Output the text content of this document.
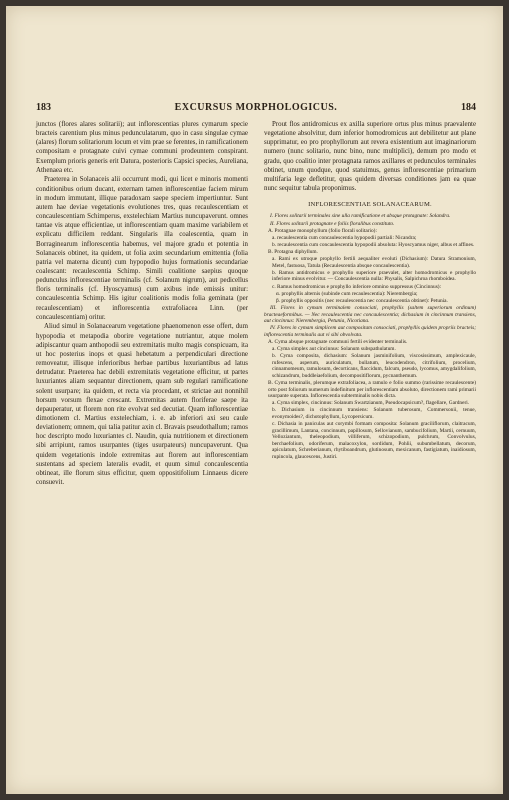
183	EXCURSUS MORPHOLOGICUS.	184

junctos (flores alares solitarii); aut inflorescentias plures cymarum specie bracteis carentium plus minus pedunculatarum, quo in casu singulae cymae (alares) florum solitariorum locum et vim prae se ferentes, in ramificationem compositam e protagnate cuivi cymae communi prodeuntem conspirant. Exemplum prioris generis erit Datura, posterioris Capsici species, Aureliana, Athenaea etc.

Praeterea in Solanaceis alii occurrunt modi, qui licet e minoris momenti conditionibus orium ducant, externam tamen inflorescentiae faciem mirum in modum immutant, illique paradoxam saepe speciem impertiuntur. Sunt autem hae deviae vegetationis evolutiones tres, quas recaulescentiam et concaulescentiam Schimperus, exstelechiam Martius nuncupaverunt. omnes tantae vis atque efficientiae, ut inflorescentiam quam maxime variabilem et explicatu difficilem reddant. Singularis illa coalescentia, quam in Borraginearum inflorescentia habemus, vel majore gradu et potentia in Solanaceis obtinet, ita quidem, ut folia axim secundarium emittentia (folia patria vel materna dicunt) cum hypopodio hujus formationis secundariae coalescant: recaulescentia Schimp. Simili coalitione saepius quoque pedunculus inflorescentiae terminalis (cf. Solanum nigrum), aut pedicellus floris terminalis (cf. Hyoscyamus) cum axibus inde emissis unitur: concaulescentia Schimp. His igitur coalitionis modis folia geminata (per recaulescentiam) et inflorescentia extrafoliacea Linn. (per concaulescentiam) oritur.

Aliud simul in Solanacearum vegetatione phaenomenon esse offert, dum hypopodia et metapodia oborire vegetatione nutriantur, atque molem adipiscantur quam anthopodii seu extremitatis multo magis conspicuam, ita ut hoc posterius inops et quasi hebetatum a perpendiculari directione removeatur, illisque inferioribus herbae partibus luxuriantibus ad latus detrudatur. Praeterea hac debili extremitatis vegetatione efficitur, ut partes luxuriantes aliam sequantur directionem, quam sub regulari ramificatione solent usurpare; ita quidem, et recta via procedant, et strictae aut nonnihil horsum vorsum flexae crescant. Extremitas autem floriferae saepe ita depauperatur, ut florem non rite evolvat sed decutiat. Quam inflorescentiae dimotionem cl. Martius exstelechiam, i. e. ab inferiori axi seu caule deviationem; omnem, qui talia patitur axin cl. Bravais pseudothallum; ramos hoc descripto modo luxuriantes cl. Naudin, quia nutritionem et directionem sibi arripiunt, ramos usurpantes (tiges usurpateurs) nuncupaverunt. Qua quidem vegetationis indole extremitas aut florem aut inflorescentiam sustentans ad speciem lateralis evadit, et quum simul concaulescentia obtineat, ille florum situs efficitur, quem oppositifolium Linnaeus dicere consuevit.

Prout flos antidromicus ex axilla superiore ortus plus minus praevalente vegetatione absolvitur, dum inferior homodromicus aut debilitetur aut plane supprimatur, eo pro prophyllorum aut revera existentium aut imaginariorum numero (nunc solitario, nunc bino, nunc multiplici), demum pro modo et gradu, quo coalitio inter protagnata ramos axillares et pedunculos terminales obtinet, unum quodque, quod statuimus, genus inflorescentiae primarium multifaria lege defletitur, quas quidem diversas conditiones jam ea quae nunc sequitur tabula proponimus.

INFLORESCENTIAE SOLANACEARUM.

I. Flores solitarii terminales sine ulla ramificatione et absque protagnate: Solandra.

II. Flores solitarii protagnate e foliis floralibus constituto.

A. Protagnae monophyllum (folio florali solitario):

a. recaulescentia cum concaulescentia hypopodii partiali: Nicandra;

b. recaulescentia cum concaulescentia hypopodii absoluta: Hyoscyamus niger, albus et affines.

B. Protagna diphyllum.

a. Rami ex utroque prophyllo fertili aequaliter evoluti (Dichasium): Datura Stramonium, Metel, fastuosa, Tatula (Recaulescentia absque concaulescentia).

b. Ramus antidromicus e prophyllo superiore praevalet, alter homodromicus e prophyllo inferiore minus evolvitur. — Concaulescentia nulla: Physalis, Salpichroa rhomboidea.

c. Ramus homodromicus e prophyllo inferiore omnino suppressus (Cincinnus):

α. prophyllis alternis (subinde cum recaulescentia): Nierembergia;

β. prophyllis oppositis (nec recaulescentia nec concaulescentia obtinet): Petunia.

III. Flores in cymam terminalem consociati, prophyllis (saltem superiorum ordinum) bracteaeformibus. — Nec recaulescentia nec concaulescentia; dichasium in cincinnum transiens, aut cincinnus: Nierembergia, Petunia, Nicotiana.

IV. Flores in cymam simplicem aut compositam consociati, prophyllis quidem propriis bracteis; inflorescentia terminalis aut vi sibi obvolvata.

A. Cyma absque protagnate communi fertili evidenter terminalis.

a. Cyma simplex aut cincinnus: Solanum subspathulatum.

b. Cyma composita, dichasium: Solanum jasminifolium, viscosissimum, amplexicaule, rufescens, asperum, auriculatum, bullatum, leucodendron, citrifolium, procelium, cinnamomeum, ramulosum, decorticans, flaccidum, falcum, pseudo, lycomus, amygdalifolium, schizandrum, buddleiaefolium, decompositiflorum, pycnanthemum.

B. Cyma terminalis, plerumque extrafoliacea, a ramulo e folio summo (rarissime recaulescente) orto post foliorum numerum indefinitum per inflorescentiam absoluto, directionem rami primarii usurpante superata. Inflorescentia subterminalis nobis dicta.

a. Cyma simplex, cincinnus: Solanum Swartzianum, Pseudocapsicum?, flagellare, Gardneri.

b. Dichasium in cincinnum transiens: Solanum tuberosum, Commersonii, tenue, evonymoides?, dichotophyllum, Lycopersicum.

c. Dichasia in paniculas aut corymbi formam composita: Solanum graciliflorum, claitracum, gracillimum, Lantana, concinnum, papillosum, Sellovianum, sambucifolium, Martii, cernuum, Velloziantum, theleopodium, villiferum, schizopodium, pulchrum, Convolvulus, berchaefolium, odoriferum, malacoxylon, sordidum, Pohlii, subumbellatum, decorum, apiculatum, Schreberianum, rhytiboandrum, glutinosum, mexicanum, fastigiatum, inaidiosum, rupincola, glaucescens, Justiri.
